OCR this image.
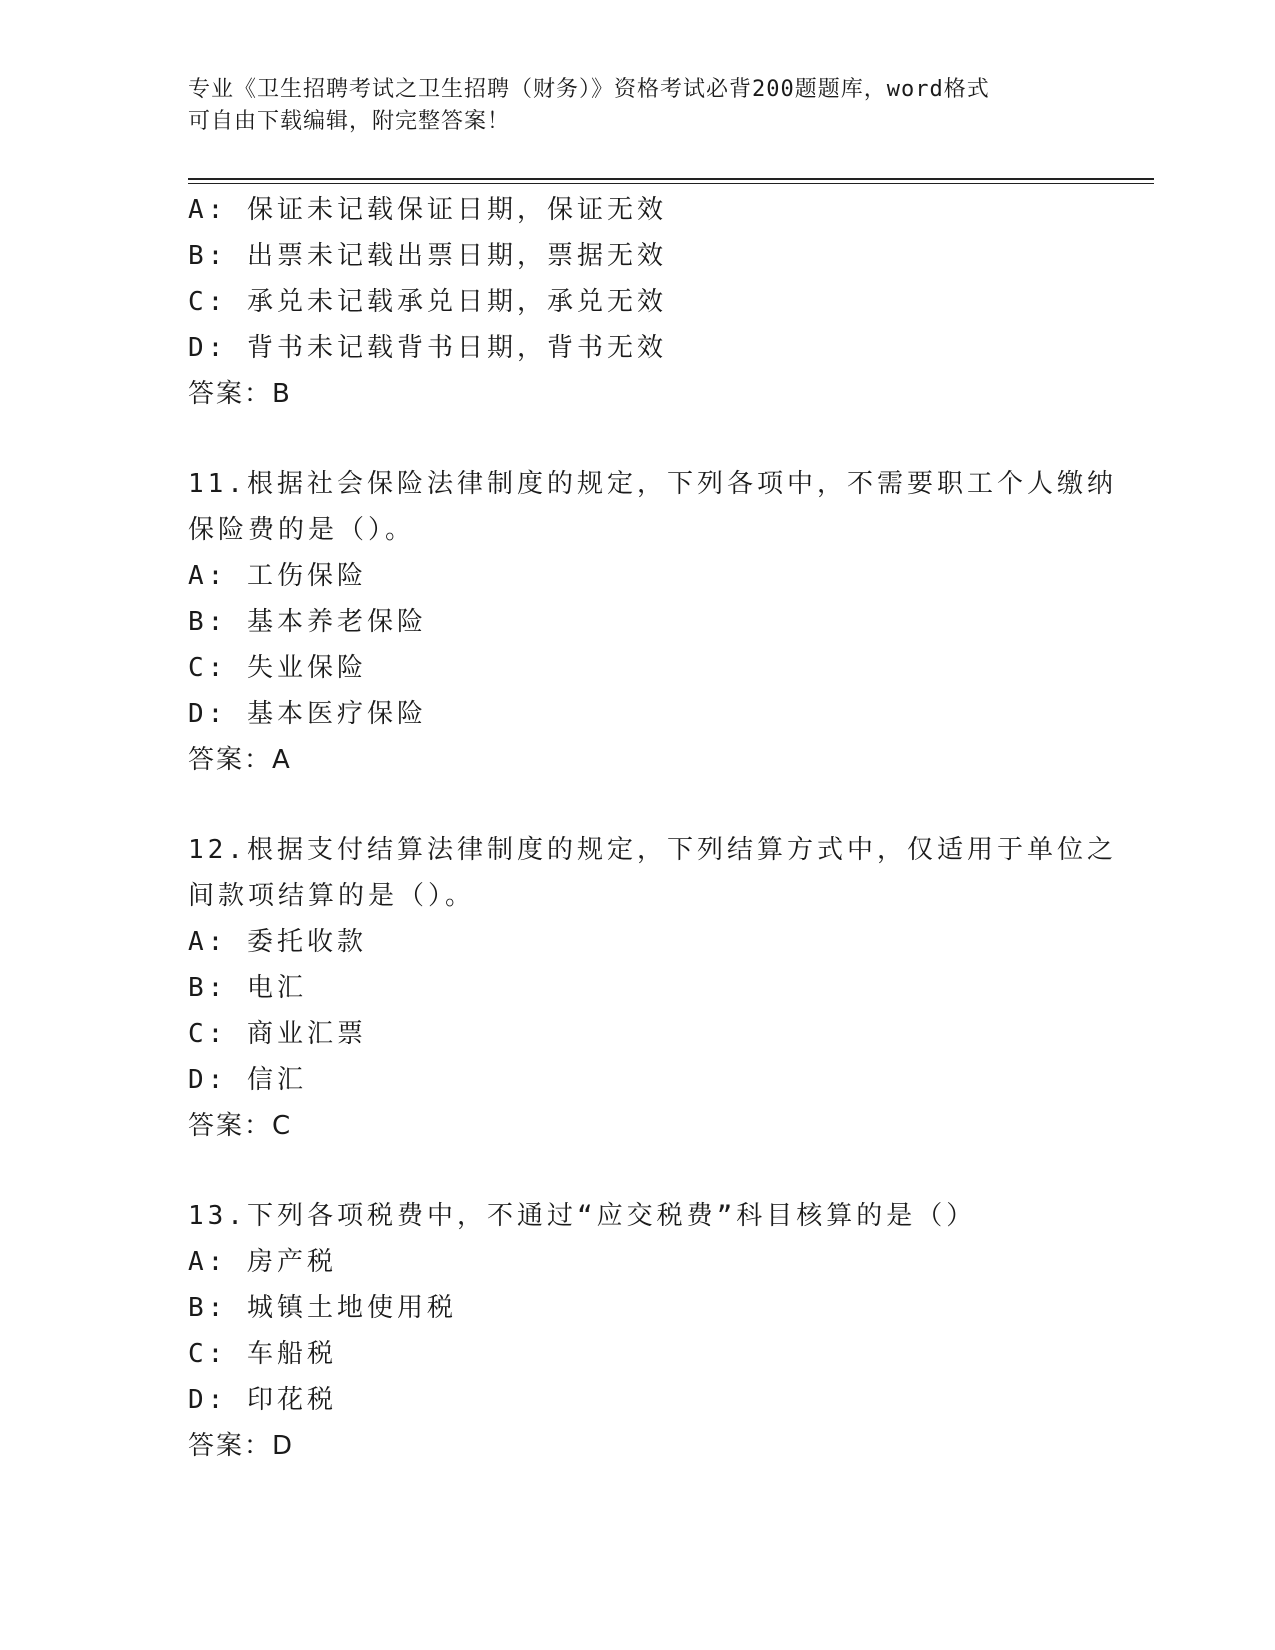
专业《卫生招聘考试之卫生招聘（财务）》资格考试必背200题题库，word格式
可自由下载编辑，附完整答案！
A: 保证未记载保证日期，保证无效
B: 出票未记载出票日期，票据无效
C: 承兑未记载承兑日期，承兑无效
D: 背书未记载背书日期，背书无效
答案：B
11.根据社会保险法律制度的规定，下列各项中，不需要职工个人缴纳
保险费的是（）。
A: 工伤保险
B: 基本养老保险
C: 失业保险
D: 基本医疗保险
答案：A
12.根据支付结算法律制度的规定，下列结算方式中，仅适用于单位之
间款项结算的是（）。
A: 委托收款
B: 电汇
C: 商业汇票
D: 信汇
答案：C
13.下列各项税费中，不通过“应交税费”科目核算的是（）
A: 房产税
B: 城镇土地使用税
C: 车船税
D: 印花税
答案：D
